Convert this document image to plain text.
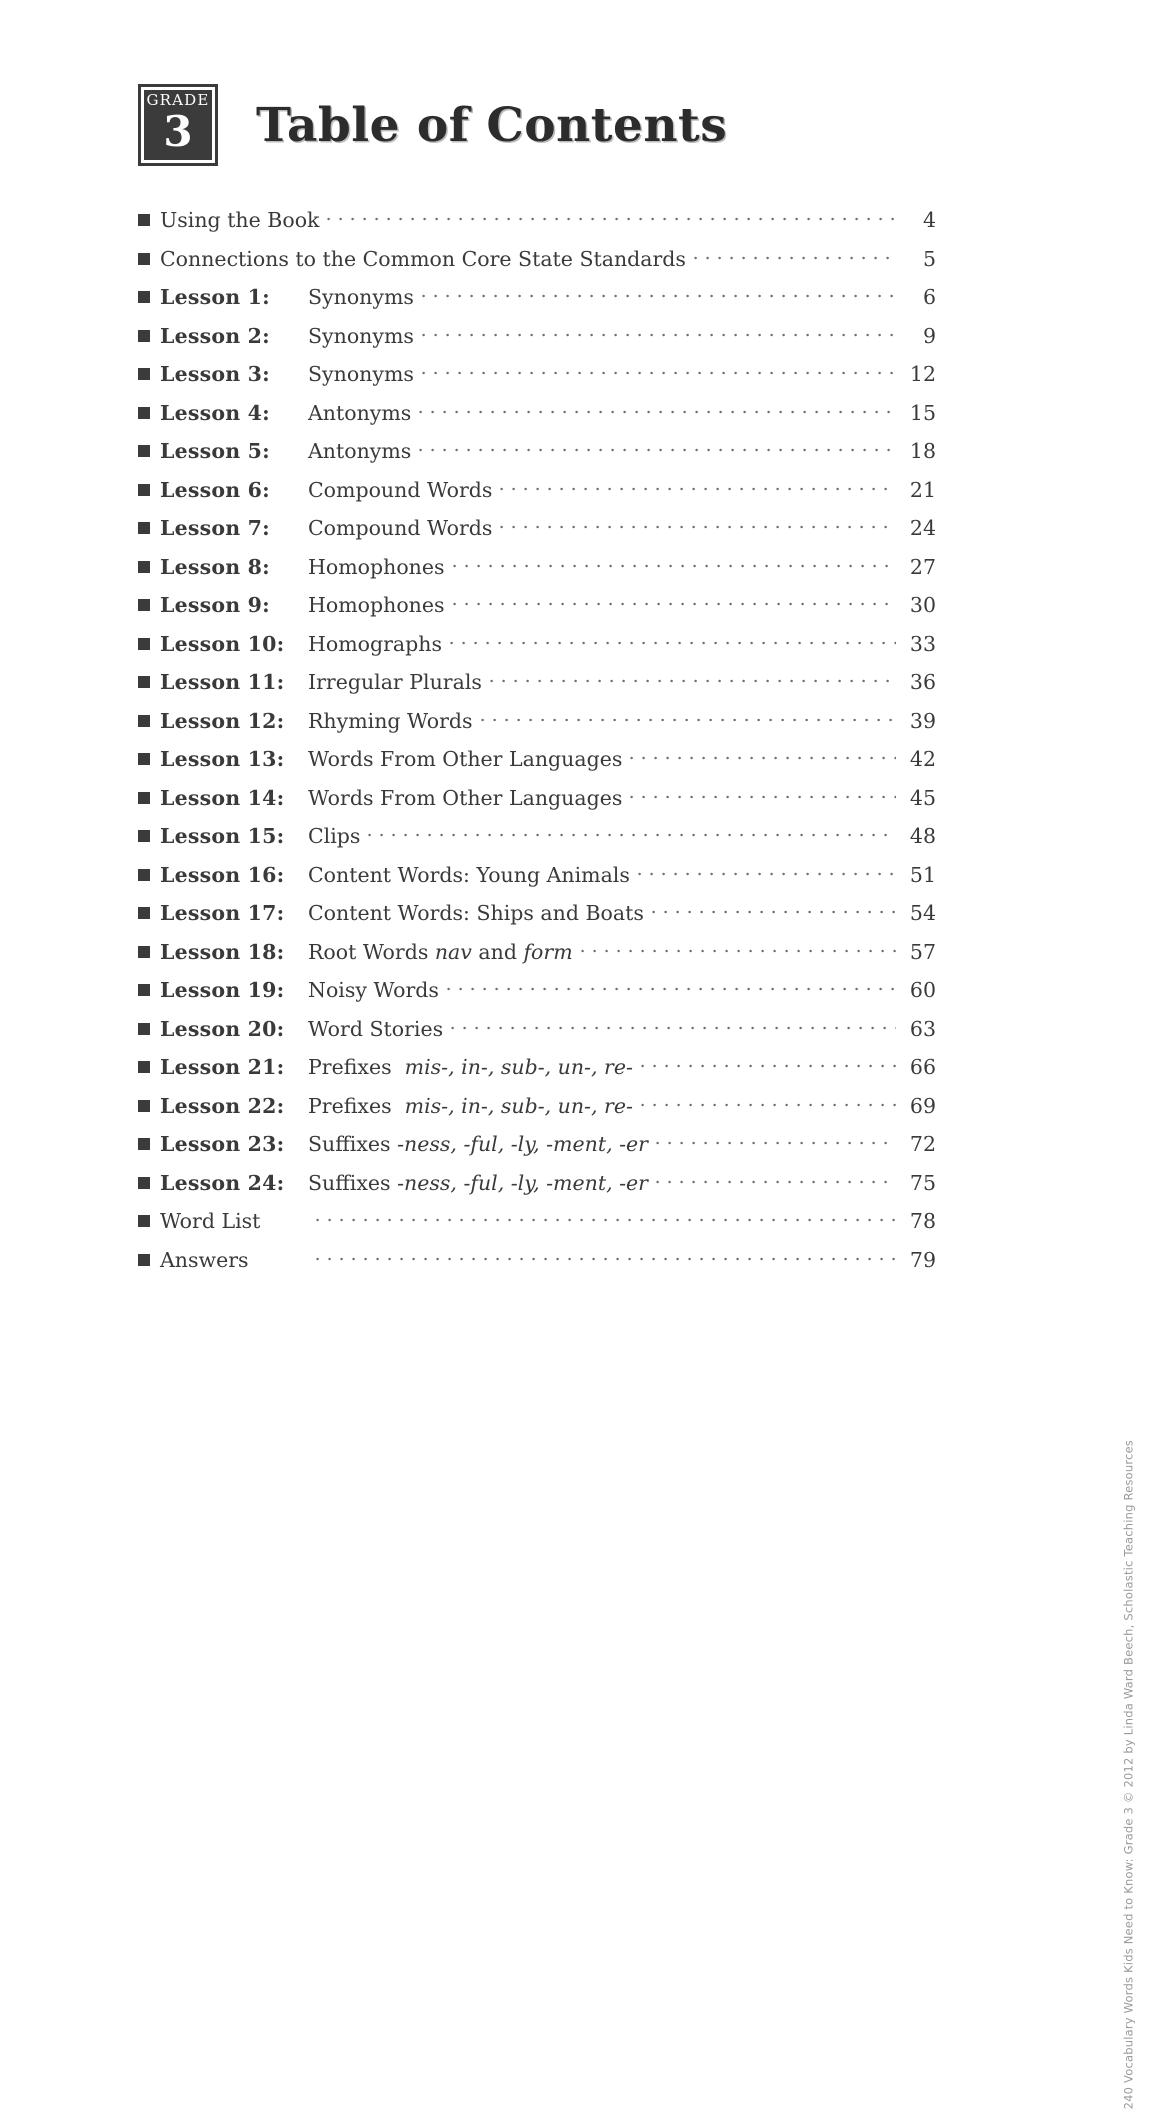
GRADE
3 Table of Contents
Using the Book	4
Connections to the Common Core State Standards	5
Lesson 1:	Synonyms	6
Lesson 2:	Synonyms	9
Lesson 3:	Synonyms	12
Lesson 4:	Antonyms	15
Lesson 5:	Antonyms	18
Lesson 6:	Compound Words	21
Lesson 7:	Compound Words	24
Lesson 8:	Homophones	27
Lesson 9:	Homophones	30
Lesson 10:	Homographs	33
Lesson 11:	Irregular Plurals	36
Lesson 12:	Rhyming Words	39
Lesson 13:	Words From Other Languages	42
Lesson 14:	Words From Other Languages	45
Lesson 15:	Clips	48
Lesson 16:	Content Words: Young Animals	51
Lesson 17:	Content Words: Ships and Boats	54
Lesson 18:	Root Words nav and form	57
Lesson 19:	Noisy Words	60
Lesson 20:	Word Stories	63
Lesson 21:	Prefixes  mis-, in-, sub-, un-, re-	66
Lesson 22:	Prefixes  mis-, in-, sub-, un-, re-	69
Lesson 23:	Suffixes -ness, -ful, -ly, -ment, -er	72
Lesson 24:	Suffixes -ness, -ful, -ly, -ment, -er	75
Word List	78
Answers	79
240 Vocabulary Words Kids Need to Know: Grade 3 © 2012 by Linda Ward Beech, Scholastic Teaching Resources
